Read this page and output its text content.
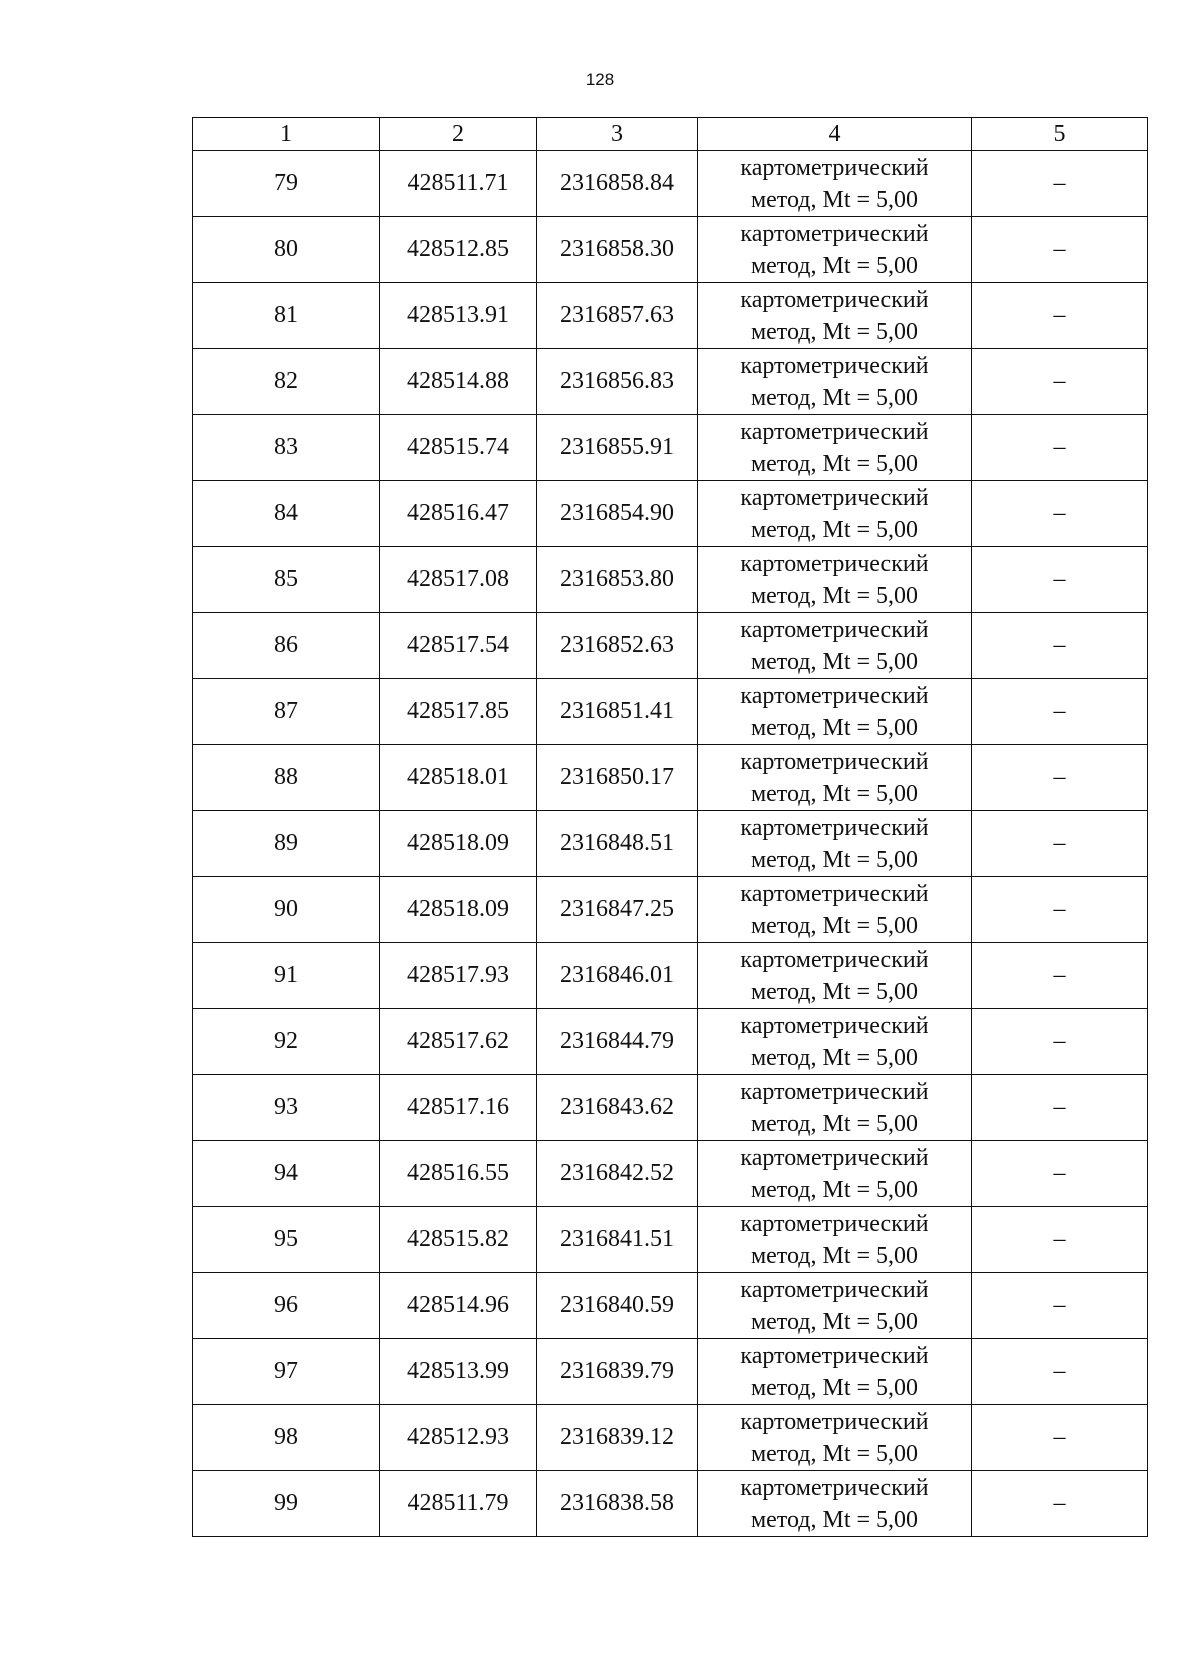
128
1	2	3	4	5
79	428511.71	2316858.84	картометрический
метод, Mt = 5,00	–
80	428512.85	2316858.30	картометрический
метод, Mt = 5,00	–
81	428513.91	2316857.63	картометрический
метод, Mt = 5,00	–
82	428514.88	2316856.83	картометрический
метод, Mt = 5,00	–
83	428515.74	2316855.91	картометрический
метод, Mt = 5,00	–
84	428516.47	2316854.90	картометрический
метод, Mt = 5,00	–
85	428517.08	2316853.80	картометрический
метод, Mt = 5,00	–
86	428517.54	2316852.63	картометрический
метод, Mt = 5,00	–
87	428517.85	2316851.41	картометрический
метод, Mt = 5,00	–
88	428518.01	2316850.17	картометрический
метод, Mt = 5,00	–
89	428518.09	2316848.51	картометрический
метод, Mt = 5,00	–
90	428518.09	2316847.25	картометрический
метод, Mt = 5,00	–
91	428517.93	2316846.01	картометрический
метод, Mt = 5,00	–
92	428517.62	2316844.79	картометрический
метод, Mt = 5,00	–
93	428517.16	2316843.62	картометрический
метод, Mt = 5,00	–
94	428516.55	2316842.52	картометрический
метод, Mt = 5,00	–
95	428515.82	2316841.51	картометрический
метод, Mt = 5,00	–
96	428514.96	2316840.59	картометрический
метод, Mt = 5,00	–
97	428513.99	2316839.79	картометрический
метод, Mt = 5,00	–
98	428512.93	2316839.12	картометрический
метод, Mt = 5,00	–
99	428511.79	2316838.58	картометрический
метод, Mt = 5,00	–
